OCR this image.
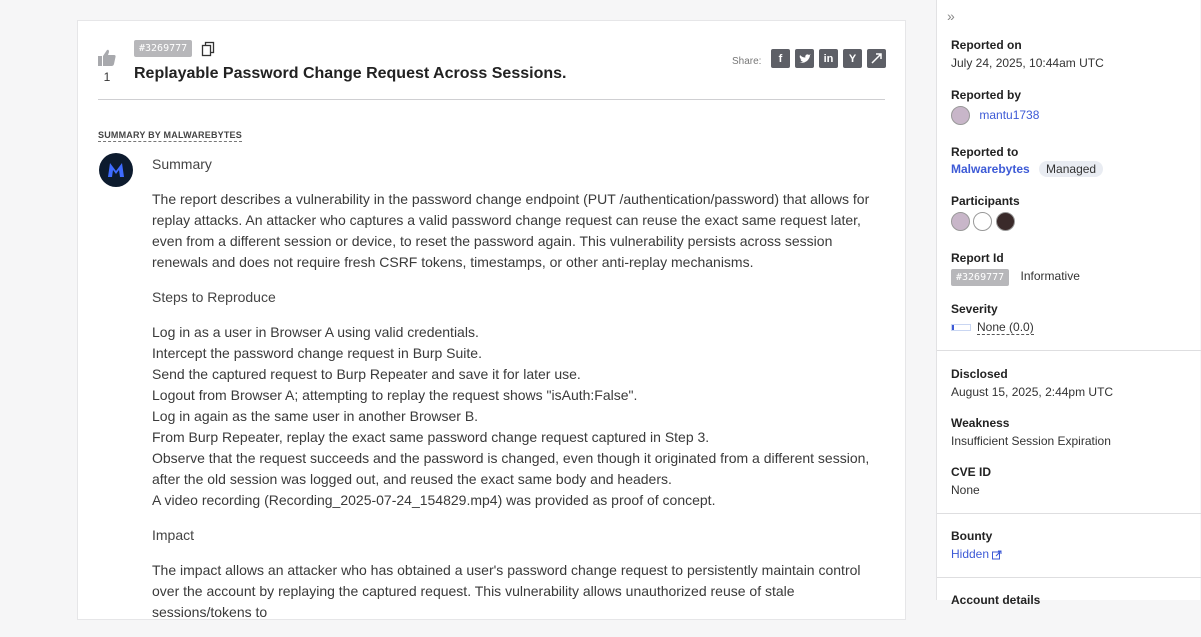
1
#3269777
Replayable Password Change Request Across Sessions.
Share:	f	in	Y
SUMMARY BY MALWAREBYTES

Summary

The report describes a vulnerability in the password change endpoint (PUT /authentication/password) that allows for replay attacks. An attacker who captures a valid password change request can reuse the exact same request later, even from a different session or device, to reset the password again. This vulnerability persists across session renewals and does not require fresh CSRF tokens, timestamps, or other anti-replay mechanisms.

Steps to Reproduce

Log in as a user in Browser A using valid credentials.
Intercept the password change request in Burp Suite.
Send the captured request to Burp Repeater and save it for later use.
Logout from Browser A; attempting to replay the request shows "isAuth:False".
Log in again as the same user in another Browser B.
From Burp Repeater, replay the exact same password change request captured in Step 3.
Observe that the request succeeds and the password is changed, even though it originated from a different session, after the old session was logged out, and reused the exact same body and headers.
A video recording (Recording_2025-07-24_154829.mp4) was provided as proof of concept.

Impact

The impact allows an attacker who has obtained a user's password change request to persistently maintain control over the account by replaying the captured request. This vulnerability allows unauthorized reuse of stale sessions/tokens to

»
Reported on
July 24, 2025, 10:44am UTC
Reported by
mantu1738
Reported to
Malwarebytes Managed
Participants

Report Id
#3269777 Informative
Severity
None (0.0)
Disclosed
August 15, 2025, 2:44pm UTC
Weakness
Insufficient Session Expiration
CVE ID
None
Bounty
Hidden
Account details
